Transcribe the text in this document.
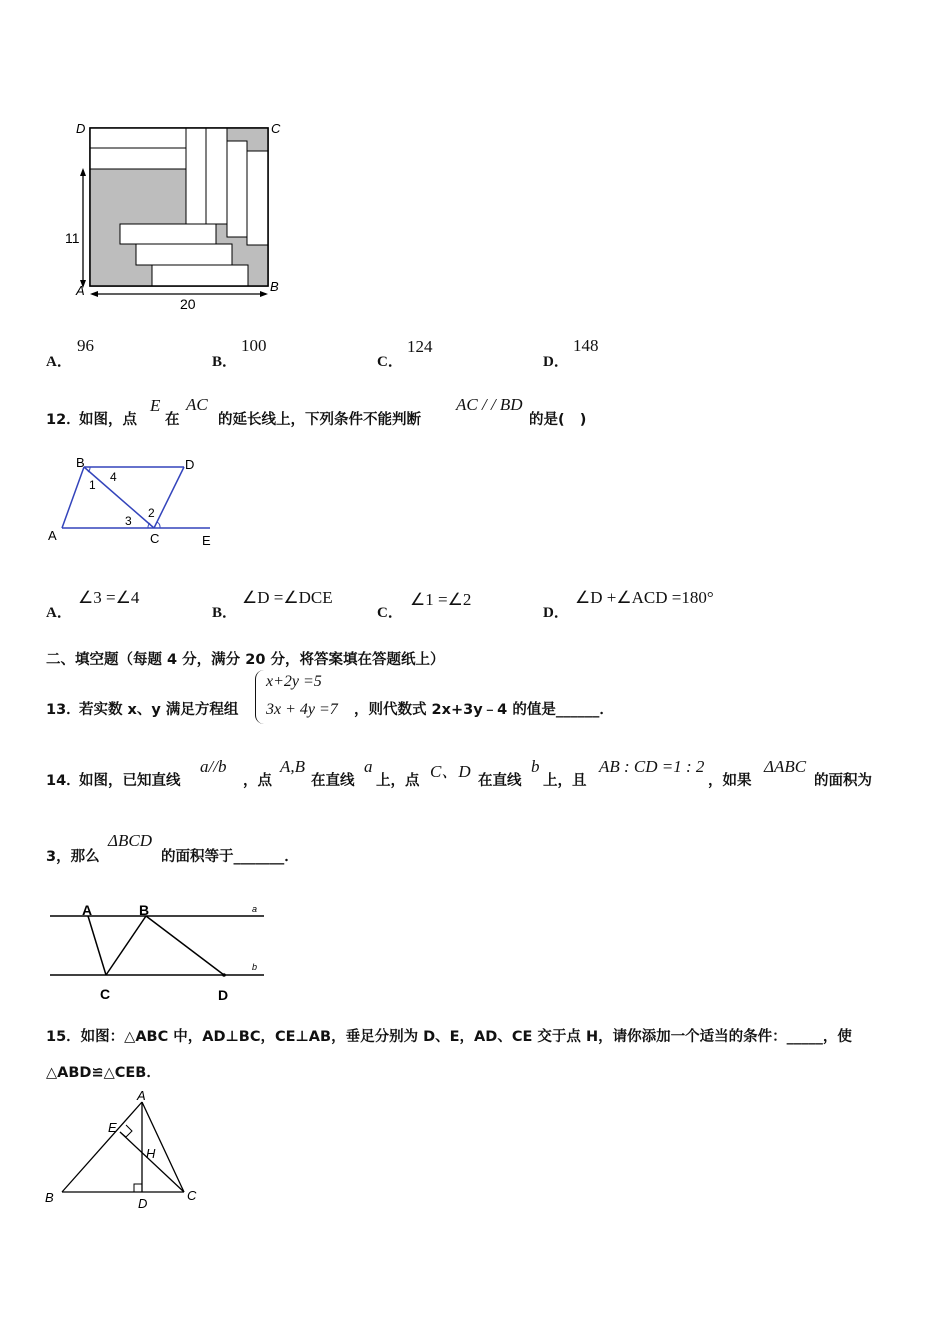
D	C
A	B
11
20
A．
96
B．
100
C．
124
D．
148
12．
如图，点
E
在
AC
的延长线上，下列条件不能判断
AC / / BD
的是(   )
B	D
A	C	E
1
4
3
2
A．
∠3 =∠4
B．
∠D =∠DCE
C．
∠1 =∠2
D．
∠D +∠ACD =180°
二、填空题（每题 4 分，满分 20 分，将答案填在答题纸上）
13．
若实数 x、y 满足方程组
x+2y =5
3x + 4y =7 ，则代数式 2x+3y﹣4 的值是______．
14．
如图，已知直线
a//b
，点
A,B
在直线
a
上，点 C、D 在直线
b
上，且
AB : CD =1 : 2
，如果
ΔABC
的面积为
3，那么
ΔBCD
的面积等于_______．
A	B
C	D
a
b
15．如图：△ABC 中，AD⊥BC，CE⊥AB，垂足分别为 D、E，AD、CE 交于点 H，请你添加一个适当的条件：_____，使
△ABD≌△CEB．
A
E
H
B	D
C
